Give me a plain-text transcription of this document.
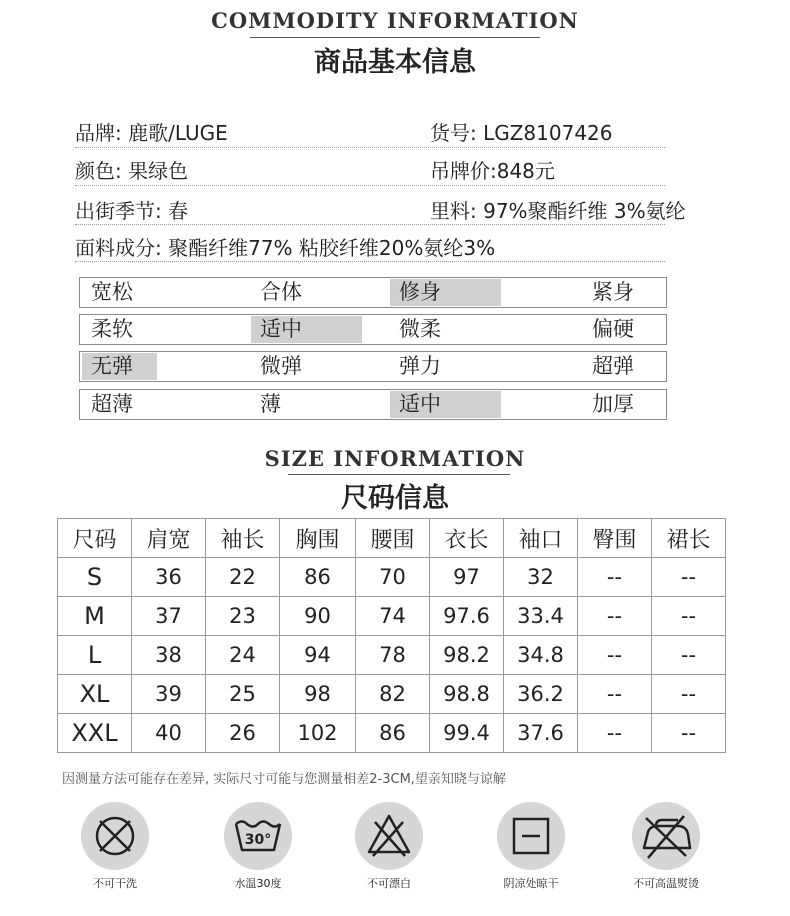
COMMODITY INFORMATION
商品基本信息
品牌: 鹿歌/LUGE	货号: LGZ8107426
颜色: 果绿色	吊牌价:848元
出街季节: 春	里料: 97%聚酯纤维 3%氨纶
面料成分: 聚酯纤维77% 粘胶纤维20%氨纶3%
宽松	合体	修身	紧身
柔软	适中	微柔	偏硬
无弹	微弹	弹力	超弹
超薄	薄	适中	加厚
SIZE INFORMATION
尺码信息
尺码	肩宽	袖长	胸围	腰围	衣长	袖口	臀围	裙长
S	36	22	86	70	97	32	--	--
M	37	23	90	74	97.6	33.4	--	--
L	38	24	94	78	98.2	34.8	--	--
XL	39	25	98	82	98.8	36.2	--	--
XXL	40	26	102	86	99.4	37.6	--	--
因测量方法可能存在差异, 实际尺寸可能与您测量相差2-3CM,望亲知晓与谅解
30°
不可干洗	水温30度	不可漂白	阴凉处晾干	不可高温熨烫
